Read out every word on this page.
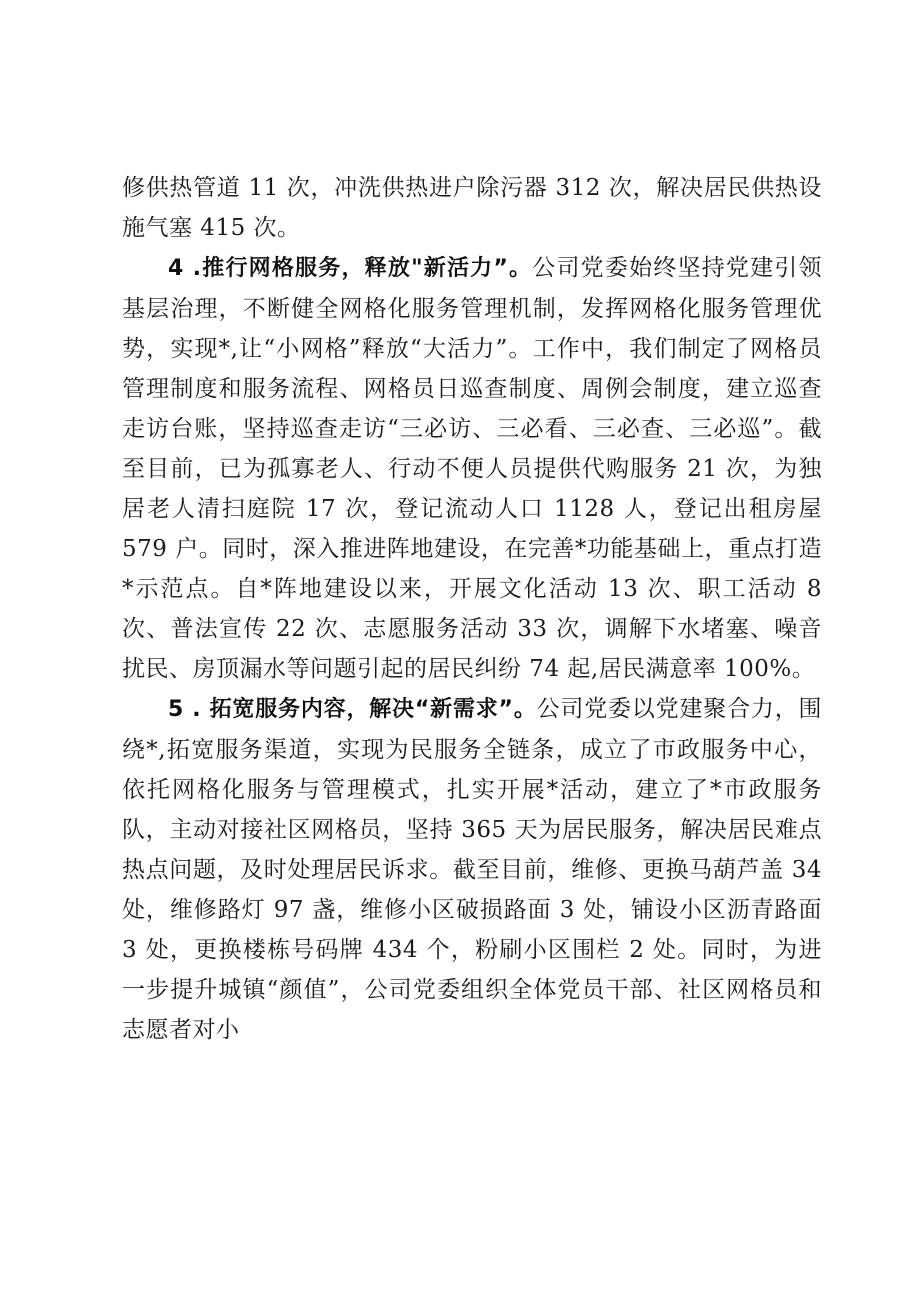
修供热管道 11 次，冲洗供热进户除污器 312 次，解决居民供热设施气塞 415 次。

4 .推行网格服务，释放"新活力”。公司党委始终坚持党建引领基层治理，不断健全网格化服务管理机制，发挥网格化服务管理优势，实现*,让“小网格”释放“大活力”。工作中，我们制定了网格员管理制度和服务流程、网格员日巡查制度、周例会制度，建立巡查走访台账，坚持巡查走访“三必访、三必看、三必查、三必巡”。截至目前，已为孤寡老人、行动不便人员提供代购服务 21 次，为独居老人清扫庭院 17 次，登记流动人口 1128 人，登记出租房屋 579 户。同时，深入推进阵地建设，在完善*功能基础上，重点打造*示范点。自*阵地建设以来，开展文化活动 13 次、职工活动 8 次、普法宣传 22 次、志愿服务活动 33 次，调解下水堵塞、噪音扰民、房顶漏水等问题引起的居民纠纷 74 起,居民满意率 100%。

5 . 拓宽服务内容，解决“新需求”。公司党委以党建聚合力，围绕*,拓宽服务渠道，实现为民服务全链条，成立了市政服务中心，依托网格化服务与管理模式，扎实开展*活动，建立了*市政服务队，主动对接社区网格员，坚持 365 天为居民服务，解决居民难点热点问题，及时处理居民诉求。截至目前，维修、更换马葫芦盖 34 处，维修路灯 97 盏，维修小区破损路面 3 处，铺设小区沥青路面 3 处，更换楼栋号码牌 434 个，粉刷小区围栏 2 处。同时，为进一步提升城镇“颜值”，公司党委组织全体党员干部、社区网格员和志愿者对小
